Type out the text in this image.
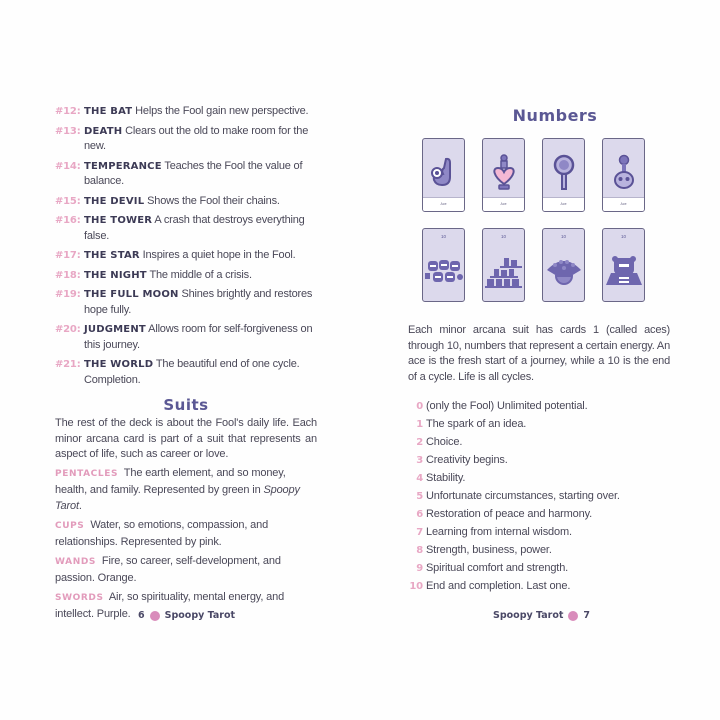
#12: THE BAT Helps the Fool gain new perspective.
#13: DEATH Clears out the old to make room for the new.
#14: TEMPERANCE Teaches the Fool the value of balance.
#15: THE DEVIL Shows the Fool their chains.
#16: THE TOWER A crash that destroys everything false.
#17: THE STAR Inspires a quiet hope in the Fool.
#18: THE NIGHT The middle of a crisis.
#19: THE FULL MOON Shines brightly and restores hope fully.
#20: JUDGMENT Allows room for self-forgiveness on this journey.
#21: THE WORLD The beautiful end of one cycle. Completion.
Suits
The rest of the deck is about the Fool's daily life. Each minor arcana card is part of a suit that represents an aspect of life, such as career or love.
PENTACLES The earth element, and so money, health, and family. Represented by green in Spoopy Tarot.
CUPS Water, so emotions, compassion, and relationships. Represented by pink.
WANDS Fire, so career, self-development, and passion. Orange.
SWORDS Air, so spirituality, mental energy, and intellect. Purple. 6 Spoopy Tarot
Numbers
Ace	Ace	Ace	Ace
10	10	10	10
Each minor arcana suit has cards 1 (called aces) through 10, numbers that represent a certain energy. An ace is the fresh start of a journey, while a 10 is the end of a cycle. Life is all cycles.
0 (only the Fool) Unlimited potential.
1 The spark of an idea.
2 Choice.
3 Creativity begins.
4 Stability.
5 Unfortunate circumstances, starting over.
6 Restoration of peace and harmony.
7 Learning from internal wisdom.
8 Strength, business, power.
9 Spiritual comfort and strength.
10 End and completion. Last one.
Spoopy Tarot 7
